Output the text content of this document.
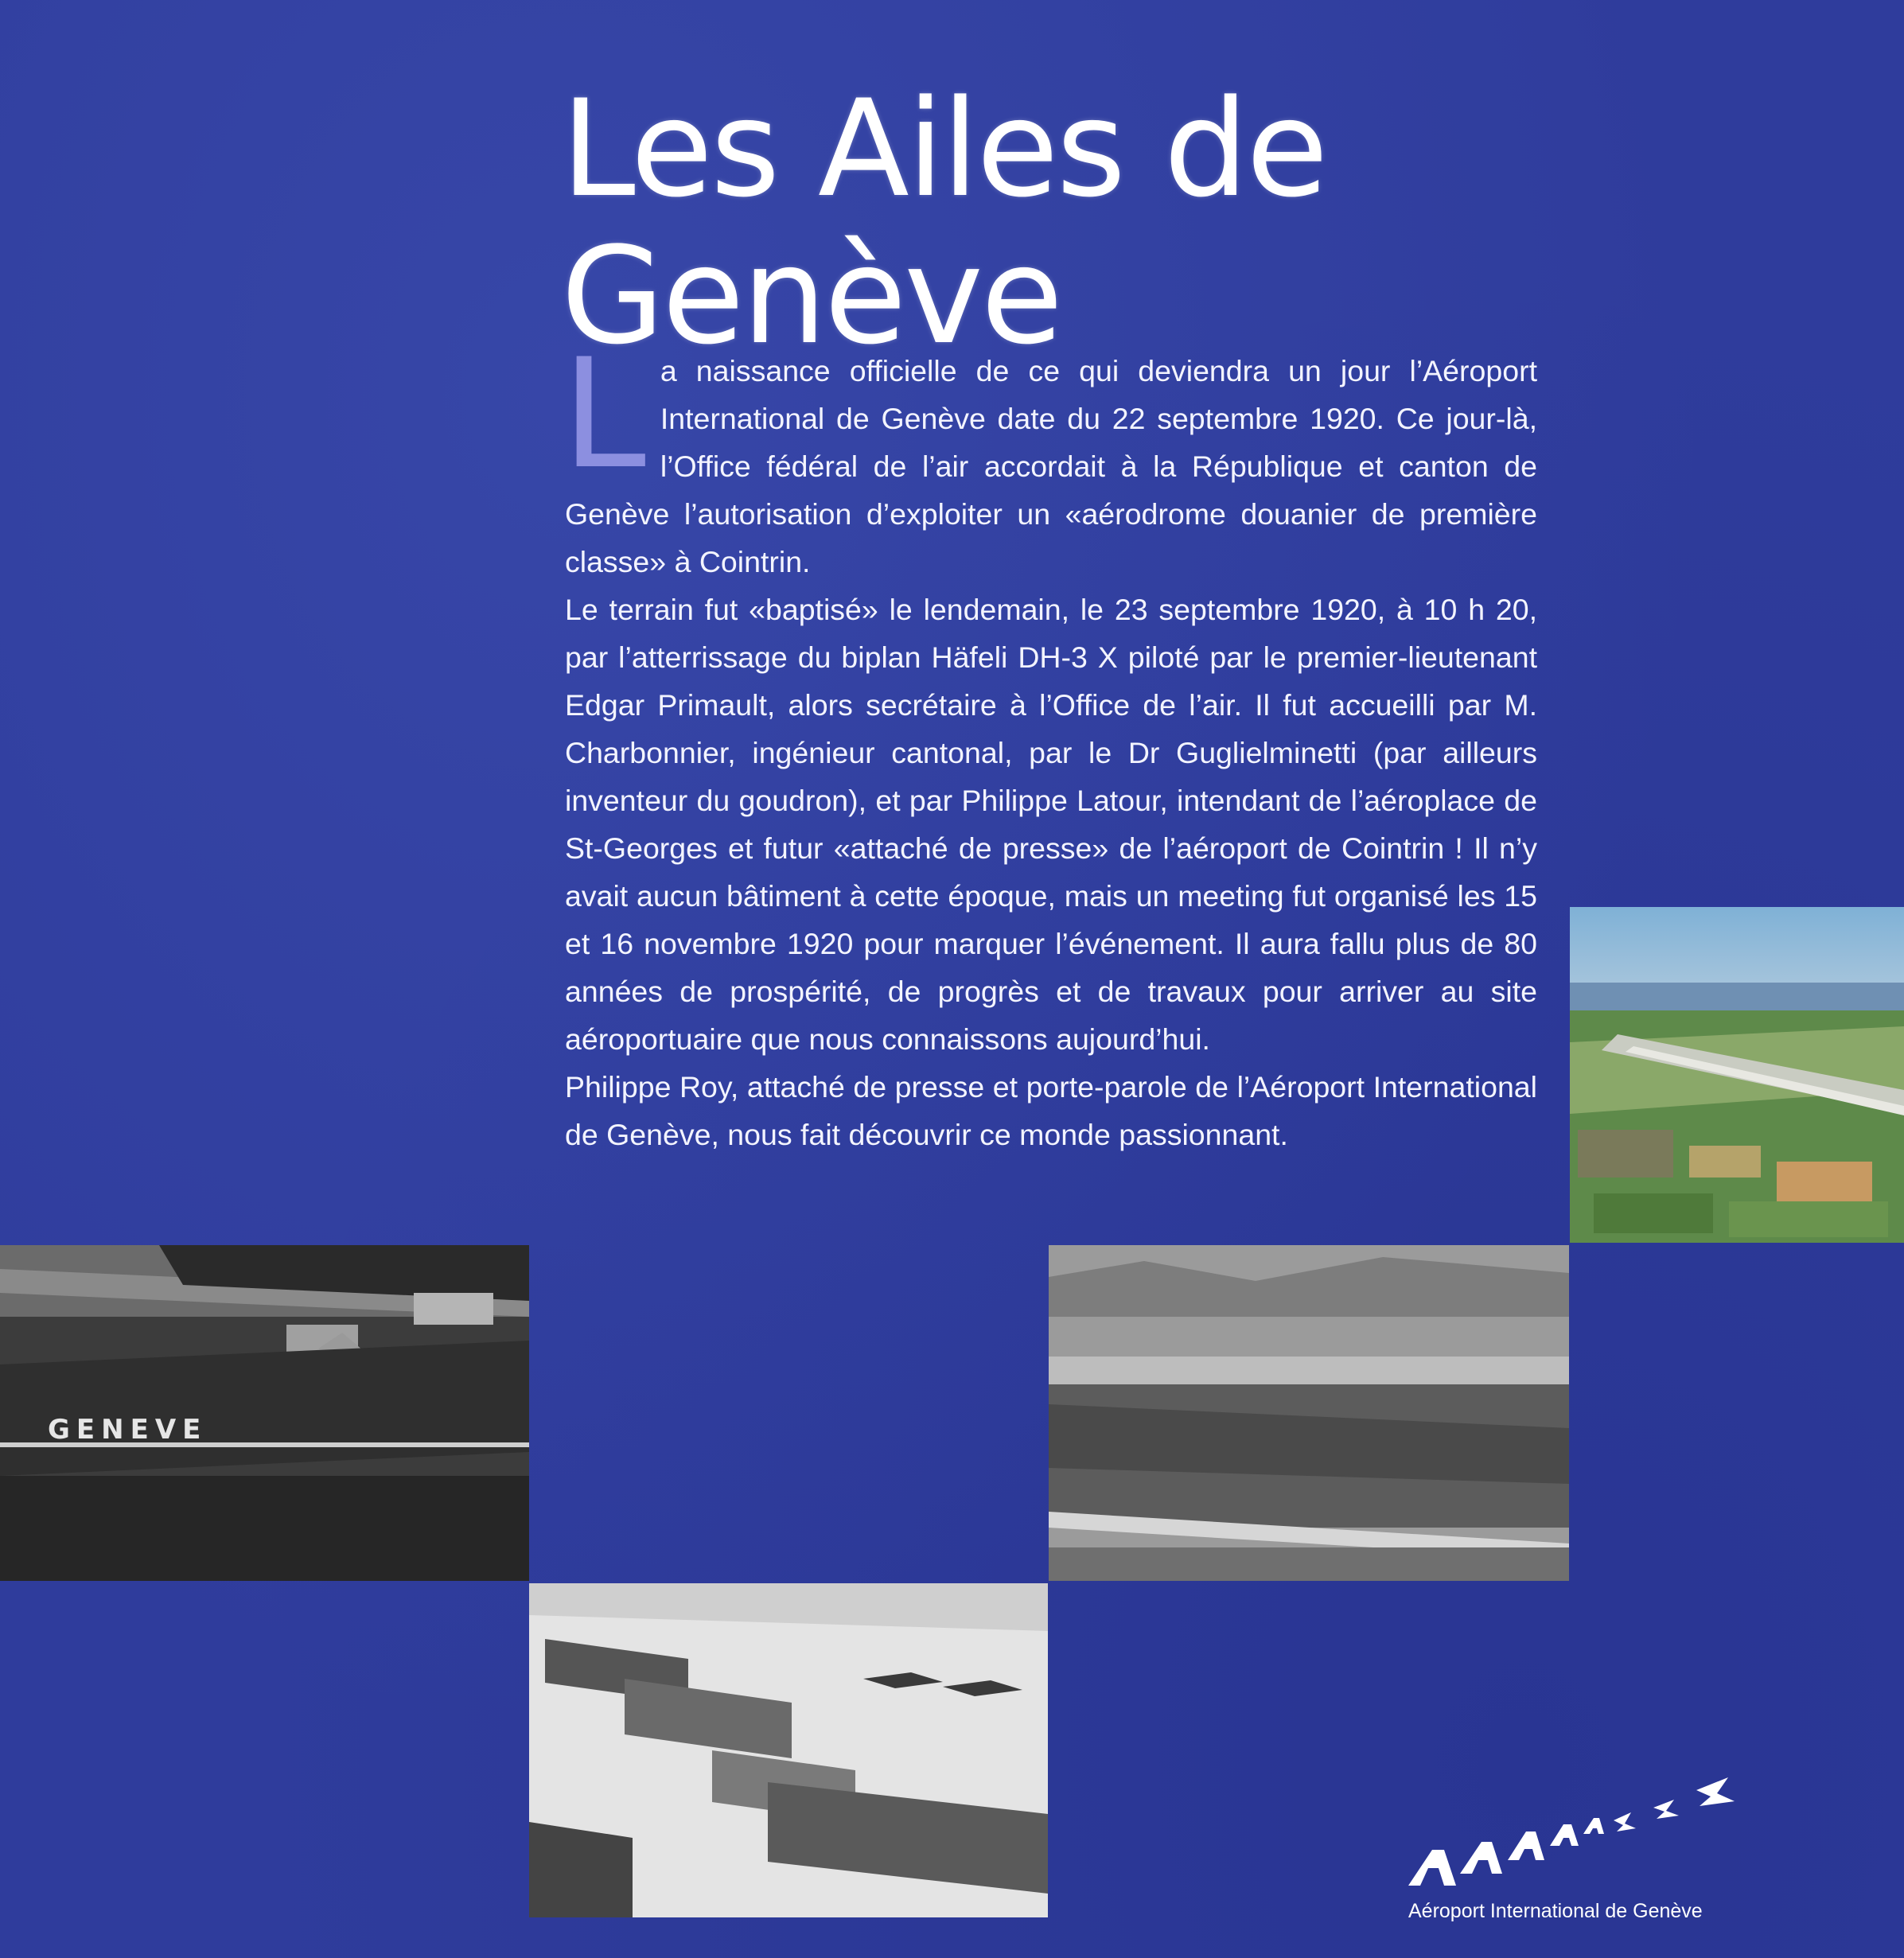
Les Ailes de Genève

La naissance officielle de ce qui deviendra un jour l’Aéroport International de Genève date du 22 septembre 1920. Ce jour-là, l’Office fédéral de l’air accordait à la République et canton de Genève l’autorisation d’exploiter un «aérodrome douanier de première classe» à Cointrin.

Le terrain fut «baptisé» le lendemain, le 23 septembre 1920, à 10 h 20, par l’atterrissage du biplan Häfeli DH-3 X piloté par le premier-lieutenant Edgar Primault, alors secrétaire à l’Office de l’air. Il fut accueilli par M. Charbonnier, ingénieur cantonal, par le Dr Guglielminetti (par ailleurs inventeur du goudron), et par Philippe Latour, intendant de l’aéroplace de St-Georges et futur «attaché de presse» de l’aéroport de Cointrin ! Il n’y avait aucun bâtiment à cette époque, mais un meeting fut organisé les 15 et 16 novembre 1920 pour marquer l’événement. Il aura fallu plus de 80 années de prospérité, de progrès et de travaux pour arriver au site aéroportuaire que nous connaissons aujourd’hui.

Philippe Roy, attaché de presse et porte-parole de l’Aéroport International de Genève, nous fait découvrir ce monde passionnant.

GENEVE
Aéroport International de Genève
